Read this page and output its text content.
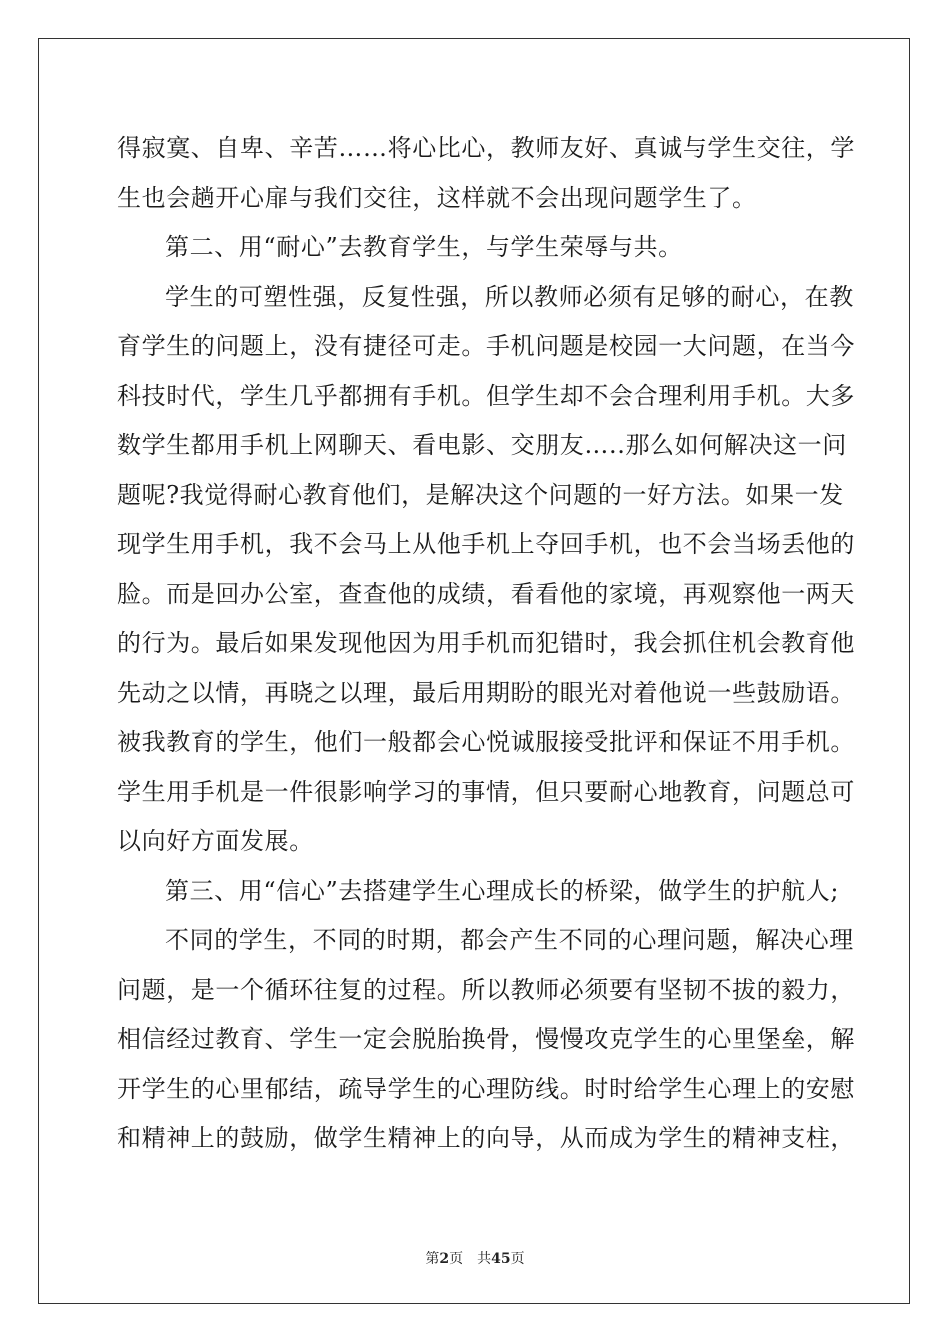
得寂寞、自卑、辛苦……将心比心，教师友好、真诚与学生交往，学
生也会趟开心扉与我们交往，这样就不会出现问题学生了。
第二、用“耐心”去教育学生，与学生荣辱与共。
学生的可塑性强，反复性强，所以教师必须有足够的耐心，在教
育学生的问题上，没有捷径可走。手机问题是校园一大问题，在当今
科技时代，学生几乎都拥有手机。但学生却不会合理利用手机。大多
数学生都用手机上网聊天、看电影、交朋友…..那么如何解决这一问
题呢?我觉得耐心教育他们，是解决这个问题的一好方法。如果一发
现学生用手机，我不会马上从他手机上夺回手机，也不会当场丢他的
脸。而是回办公室，查查他的成绩，看看他的家境，再观察他一两天
的行为。最后如果发现他因为用手机而犯错时，我会抓住机会教育他
先动之以情，再晓之以理，最后用期盼的眼光对着他说一些鼓励语。
被我教育的学生，他们一般都会心悦诚服接受批评和保证不用手机。
学生用手机是一件很影响学习的事情，但只要耐心地教育，问题总可
以向好方面发展。
第三、用“信心”去搭建学生心理成长的桥梁，做学生的护航人;
不同的学生，不同的时期，都会产生不同的心理问题，解决心理
问题，是一个循环往复的过程。所以教师必须要有坚韧不拔的毅力，
相信经过教育、学生一定会脱胎换骨，慢慢攻克学生的心里堡垒，解
开学生的心里郁结，疏导学生的心理防线。时时给学生心理上的安慰
和精神上的鼓励，做学生精神上的向导，从而成为学生的精神支柱，
第2页 共45页
